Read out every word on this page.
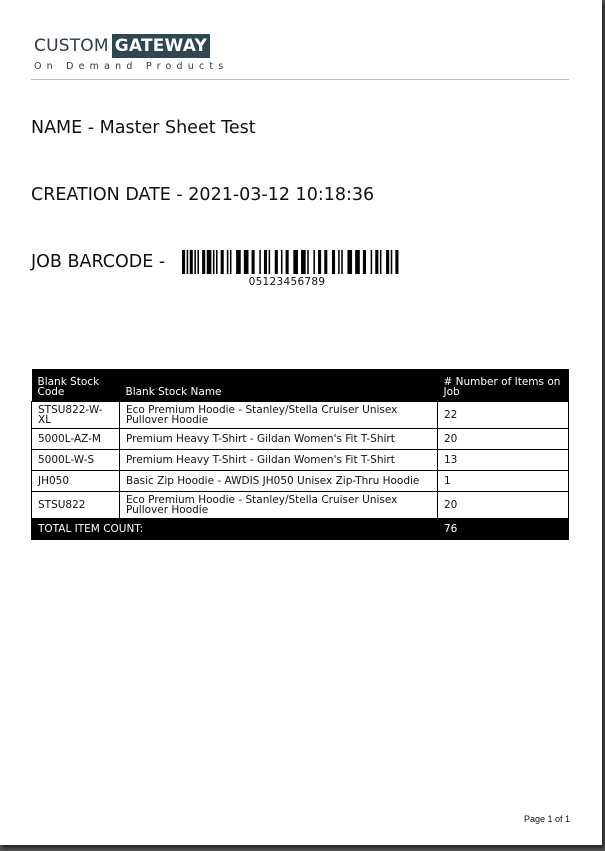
CUSTOM GATEWAY
On Demand Products
NAME - Master Sheet Test
CREATION DATE - 2021-03-12 10:18:36
JOB BARCODE -
05123456789
Blank Stock Code	Blank Stock Name	# Number of Items on Job
STSU822-W-XL	Eco Premium Hoodie - Stanley/Stella Cruiser Unisex Pullover Hoodie	22
5000L-AZ-M	Premium Heavy T-Shirt - Gildan Women's Fit T-Shirt	20
5000L-W-S	Premium Heavy T-Shirt - Gildan Women's Fit T-Shirt	13
JH050	Basic Zip Hoodie - AWDIS JH050 Unisex Zip-Thru Hoodie	1
STSU822	Eco Premium Hoodie - Stanley/Stella Cruiser Unisex Pullover Hoodie	20
TOTAL ITEM COUNT:		76
Page 1 of 1
